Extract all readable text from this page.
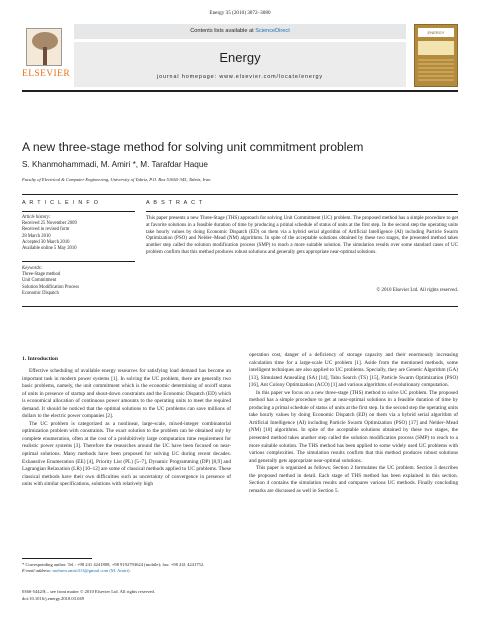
Energy 35 (2010) 3072–3080
ELSEVIER
Contents lists available at ScienceDirect
Energy
journal homepage: www.elsevier.com/locate/energy
ENERGY
A new three-stage method for solving unit commitment problem
S. Khanmohammadi, M. Amiri *, M. Tarafdar Haque
Faculty of Electrical & Computer Engineering, University of Tabriz, P.O. Box 51665-345, Tabriz, Iran
A R T I C L E I N F O	A B S T R A C T
Article history:
Received 25 November 2009
Received in revised form
28 March 2010
Accepted 30 March 2010
Available online 5 May 2010
Keywords:
Three-Stage method
Unit Commitment
Solution Modification Process
Economic Dispatch
This paper presents a new Three-Stage (THS) approach for solving Unit Commitment (UC) problem. The proposed method has a simple procedure to get at favorite solutions in a feasible duration of time by producing a primal schedule of status of units at the first step. In the second step the operating units take hourly values by doing Economic Dispatch (ED) on them via a hybrid serial algorithm of Artificial Intelligence (AI) including Particle Swarm Optimization (PSO) and Nelder–Mead (NM) algorithms. In spite of the acceptable solutions obtained by these two stages, the presented method takes another step called the solution modification process (SMP) to reach a more suitable solution. The simulation results over some standard cases of UC problem confirm that this method produces robust solutions and generally gets appropriate near-optimal solutions.
© 2010 Elsevier Ltd. All rights reserved.
1. Introduction

Effective scheduling of available energy resources for satisfying load demand has become an important task in modern power systems [1]. In solving the UC problem, there are generally two basic problems, namely, the unit commitment which is the economic determining of on/off status of units in presence of startup and shout-down constraints and the Economic Dispatch (ED) which is economical allocation of continuous power amounts to the operating units to meet the required demand. It should be noticed that the optimal solutions to the UC problems can save millions of dollars to the electric power companies [2].

The UC problem is categorized as a nonlinear, large-scale, mixed-integer combinatorial optimization problem with constraints. The exact solution to the problem can be obtained only by complete enumeration, often at the cost of a prohibitively large computation time requirement for realistic power systems [3]. Therefore the researches around the UC have been focused on near-optimal solutions. Many methods have been proposed for solving UC during recent decades. Exhaustive Enumeration (EE) [4], Priority List (PL) [5–7], Dynamic Programming (DP) [8,9] and Lagrangian Relaxation (LR) [10–12] are some of classical methods applied to UC problems. These classical methods have their own difficulties such as uncertainty of convergence in presence of units with similar specifications, solutions with relatively high

operation cost, danger of a deficiency of storage capacity and their enormously increasing calculation time for a large-scale UC problem [1]. Aside from the mentioned methods, some intelligent techniques are also applied to UC problems. Specially, they are Genetic Algorithm (GA) [13], Simulated Annealing (SA) [14], Tabu Search (TS) [15], Particle Swarm Optimization (PSO) [16], Ant Colony Optimization (ACO) [1] and various algorithms of evolutionary computation.

In this paper we focus on a new three-stage (THS) method to solve UC problem. The proposed method has a simple procedure to get at near-optimal solutions in a feasible duration of time by producing a primal schedule of status of units at the first step. In the second step the operating units take hourly values by doing Economic Dispatch (ED) on them via a hybrid serial algorithm of Artificial Intelligence (AI) including Particle Swarm Optimization (PSO) [17] and Nelder–Mead (NM) [18] algorithms. In spite of the acceptable solutions obtained by these two stages, the presented method takes another step called the solution modification process (SMP) to reach to a more suitable solution. The THS method has been applied to some widely used UC problems with various complexities. The simulation results confirm that this method produces robust solutions and generally gets appropriate near-optimal solutions.

This paper is organized as follows: Section 2 formulates the UC problem. Section 3 describes the proposed method in detail. Each stage of THS method has been explained in this section. Section 4 contains the simulation results and compares various UC methods. Finally concluding remarks are discussed as well in Section 5.

* Corresponding author. Tel.: +98 241 4241808, +98 9192793624 (mobile); fax: +98 241 4241752.
E-mail address: mohsen.amiri313@gmail.com (M. Amiri).
0360-5442/$ – see front matter © 2010 Elsevier Ltd. All rights reserved.
doi:10.1016/j.energy.2010.03.049
